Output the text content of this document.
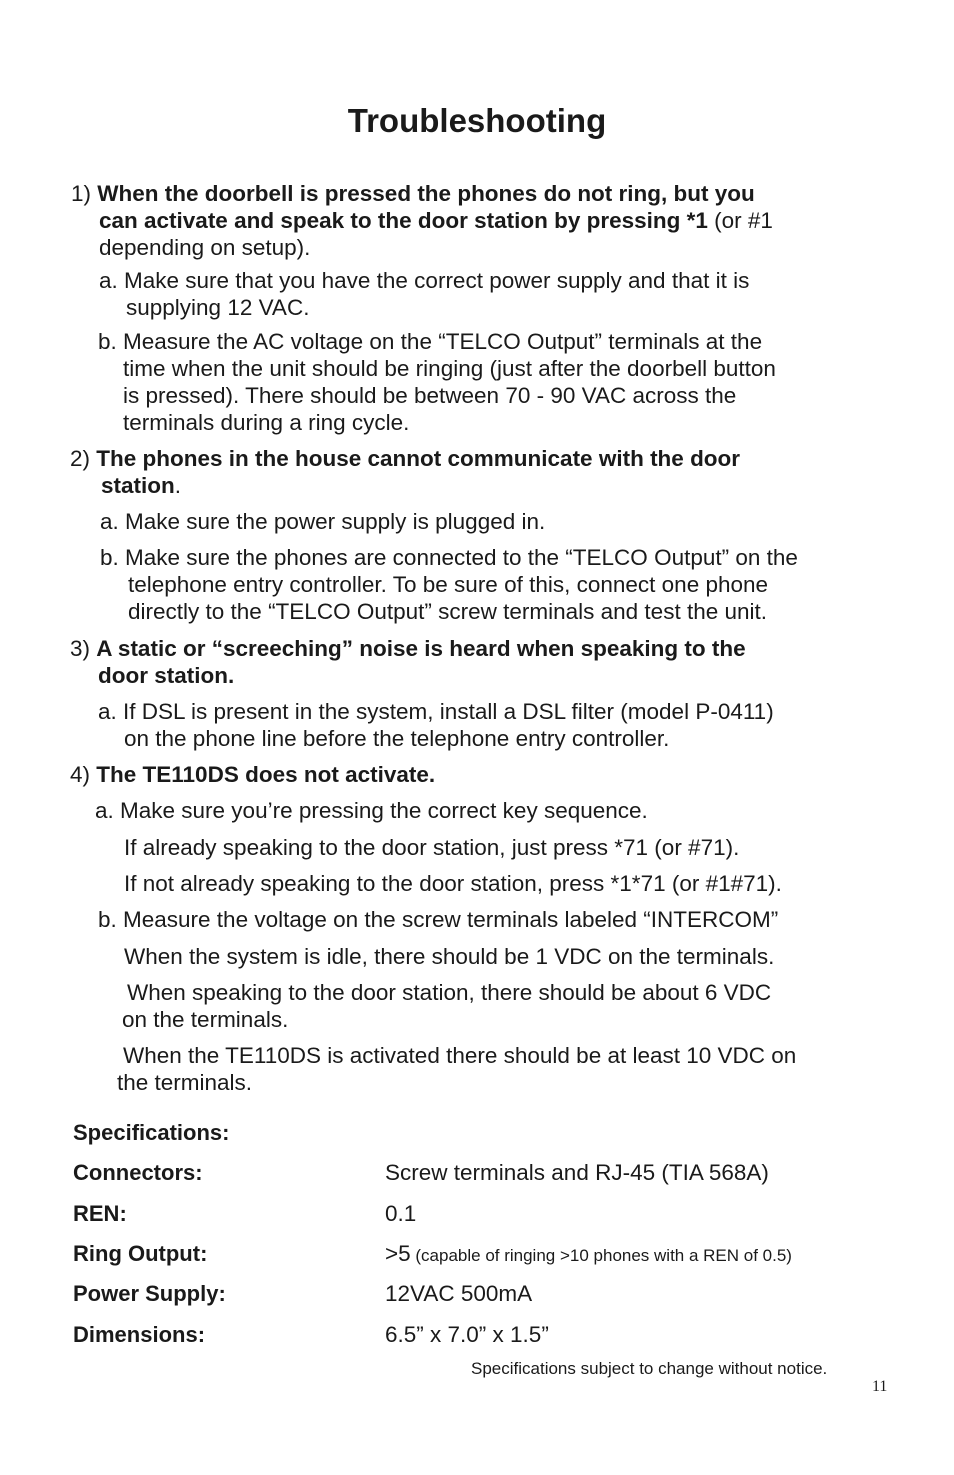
Troubleshooting
1) When the doorbell is pressed the phones do not ring, but you
can activate and speak to the door station by pressing *1 (or #1
depending on setup).
a. Make sure that you have the correct power supply and that it is
supplying 12 VAC.
b. Measure the AC voltage on the “TELCO Output” terminals at the
time when the unit should be ringing (just after the doorbell button
is pressed). There should be between 70 - 90 VAC across the
terminals during a ring cycle.
2) The phones in the house cannot communicate with the door
station.
a. Make sure the power supply is plugged in.
b. Make sure the phones are connected to the “TELCO Output” on the
telephone entry controller. To be sure of this, connect one phone
directly to the “TELCO Output” screw terminals and test the unit.
3) A static or “screeching” noise is heard when speaking to the
door station.
a. If DSL is present in the system, install a DSL filter (model P-0411)
on the phone line before the telephone entry controller.
4) The TE110DS does not activate.
a. Make sure you’re pressing the correct key sequence.
If already speaking to the door station, just press *71 (or #71).
If not already speaking to the door station, press *1*71 (or #1#71).
b. Measure the voltage on the screw terminals labeled “INTERCOM”
When the system is idle, there should be 1 VDC on the terminals.
When speaking to the door station, there should be about 6 VDC
on the terminals.
When the TE110DS is activated there should be at least 10 VDC on
the terminals.
Specifications:
Connectors:	Screw terminals and RJ-45 (TIA 568A)
REN:	0.1
Ring Output:	>5 (capable of ringing >10 phones with a REN of 0.5)
Power Supply:	12VAC 500mA
Dimensions:	6.5” x 7.0” x 1.5”
Specifications subject to change without notice.
11
